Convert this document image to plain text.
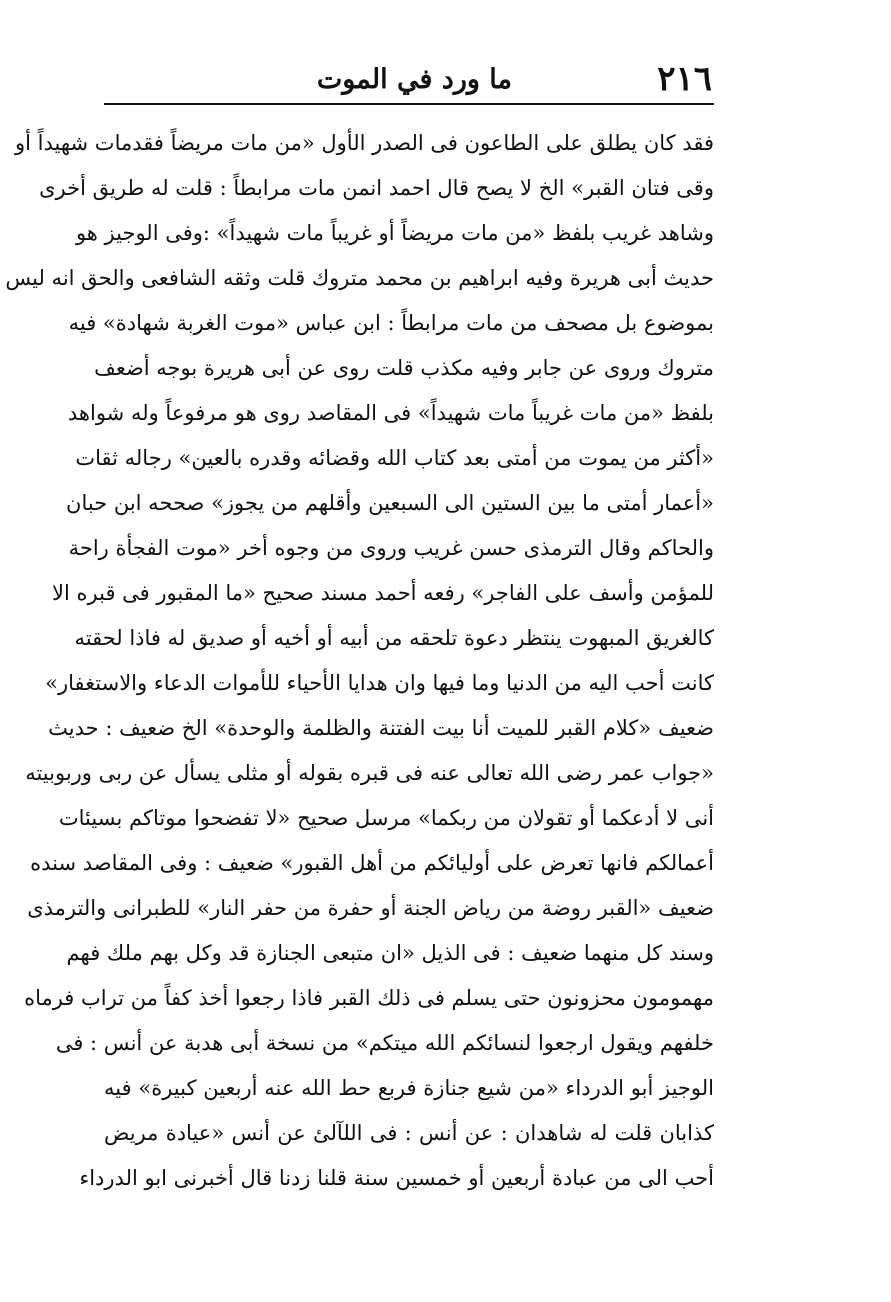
٢١٦
ما ورد في الموت
فقد كان يطلق على الطاعون فى الصدر الأول «من مات مريضاً فقدمات شهيداً أو
وقى فتان القبر» الخ لا يصح قال احمد انمن مات مرابطاً : قلت له طريق أخرى
وشاهد غريب بلفظ «من مات مريضاً أو غريباً مات شهيداً» :وفى الوجيز هو
حديث أبى هريرة وفيه ابراهيم بن محمد متروك قلت وثقه الشافعى والحق انه ليس
بموضوع بل مصحف من مات مرابطاً : ابن عباس «موت الغربة شهادة» فيه
متروك وروى عن جابر وفيه مكذب قلت روى عن أبى هريرة بوجه أضعف
بلفظ «من مات غريباً مات شهيداً» فى المقاصد روى هو مرفوعاً وله شواهد
«أكثر من يموت من أمتى بعد كتاب الله وقضائه وقدره بالعين» رجاله ثقات
«أعمار أمتى ما بين الستين الى السبعين وأقلهم من يجوز» صححه ابن حبان
والحاكم وقال الترمذى حسن غريب وروى من وجوه أخر «موت الفجأة راحة
للمؤمن وأسف على الفاجر» رفعه أحمد مسند صحيح «ما المقبور فى قبره الا
كالغريق المبهوت ينتظر دعوة تلحقه من أبيه أو أخيه أو صديق له فاذا لحقته
كانت أحب اليه من الدنيا وما فيها وان هدايا الأحياء للأموات الدعاء والاستغفار»
ضعيف «كلام القبر للميت أنا بيت الفتنة والظلمة والوحدة» الخ ضعيف : حديث
«جواب عمر رضى الله تعالى عنه فى قبره بقوله أو مثلى يسأل عن ربى وربوبيته
أنى لا أدعكما أو تقولان من ربكما» مرسل صحيح «لا تفضحوا موتاكم بسيئات
أعمالكم فانها تعرض على أوليائكم من أهل القبور» ضعيف : وفى المقاصد سنده
ضعيف «القبر روضة من رياض الجنة أو حفرة من حفر النار» للطبرانى والترمذى
وسند كل منهما ضعيف : فى الذيل «ان متبعى الجنازة قد وكل بهم ملك فهم
مهمومون محزونون حتى يسلم فى ذلك القبر فاذا رجعوا أخذ كفاً من تراب فرماه
خلفهم ويقول ارجعوا لنسائكم الله ميتكم» من نسخة أبى هدبة عن أنس : فى
الوجيز أبو الدرداء «من شيع جنازة فربع حط الله عنه أربعين كبيرة» فيه
كذابان قلت له شاهدان : عن أنس : فى اللآلئ عن أنس «عيادة مريض
أحب الى من عبادة أربعين أو خمسين سنة قلنا زدنا قال أخبرنى ابو الدرداء
